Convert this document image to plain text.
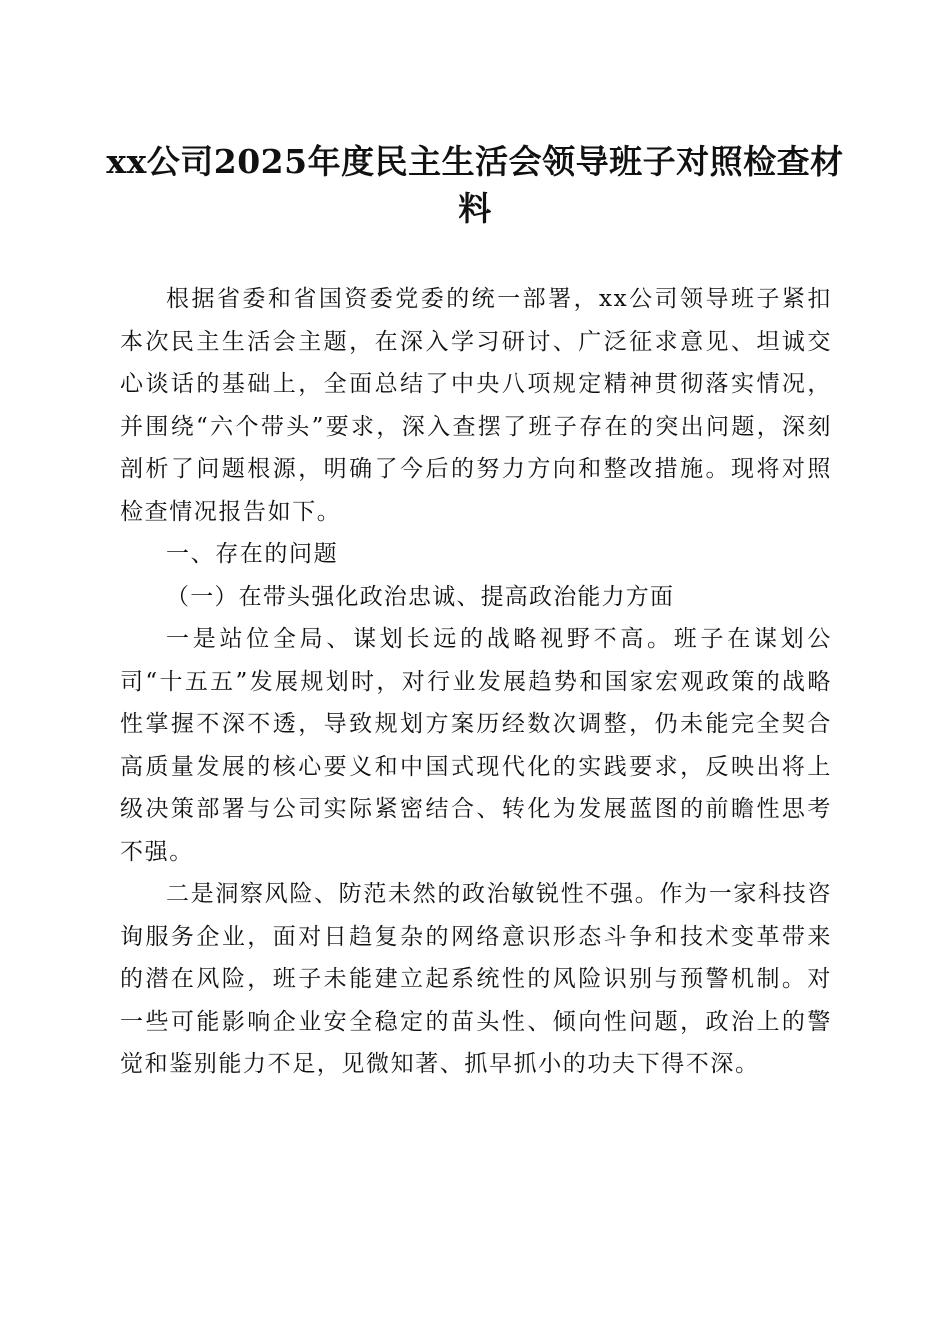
xx公司2025年度民主生活会领导班子对照检查材料

根据省委和省国资委党委的统一部署，xx公司领导班子紧扣本次民主生活会主题，在深入学习研讨、广泛征求意见、坦诚交心谈话的基础上，全面总结了中央八项规定精神贯彻落实情况，并围绕“六个带头”要求，深入查摆了班子存在的突出问题，深刻剖析了问题根源，明确了今后的努力方向和整改措施。现将对照检查情况报告如下。

一、存在的问题

（一）在带头强化政治忠诚、提高政治能力方面

一是站位全局、谋划长远的战略视野不高。班子在谋划公司“十五五”发展规划时，对行业发展趋势和国家宏观政策的战略性掌握不深不透，导致规划方案历经数次调整，仍未能完全契合高质量发展的核心要义和中国式现代化的实践要求，反映出将上级决策部署与公司实际紧密结合、转化为发展蓝图的前瞻性思考不强。

二是洞察风险、防范未然的政治敏锐性不强。作为一家科技咨询服务企业，面对日趋复杂的网络意识形态斗争和技术变革带来的潜在风险，班子未能建立起系统性的风险识别与预警机制。对一些可能影响企业安全稳定的苗头性、倾向性问题，政治上的警觉和鉴别能力不足，见微知著、抓早抓小的功夫下得不深。
